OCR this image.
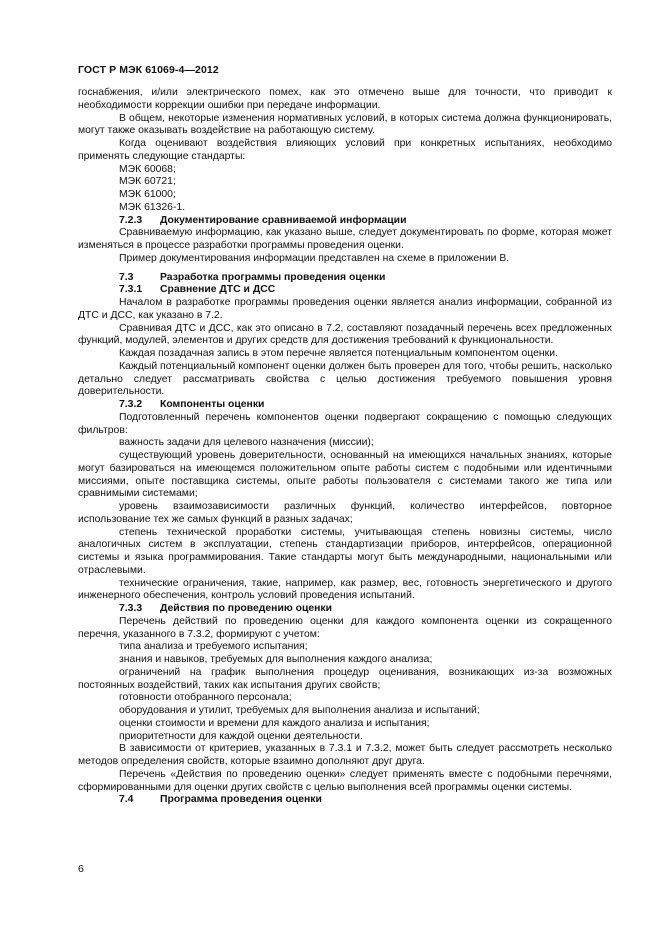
ГОСТ Р МЭК 61069-4—2012

госнабжения, и/или электрического помех, как это отмечено выше для точности, что приводит к необходимости коррекции ошибки при передаче информации.

В общем, некоторые изменения нормативных условий, в которых система должна функционировать, могут также оказывать воздействие на работающую систему.

Когда оценивают воздействия влияющих условий при конкретных испытаниях, необходимо применять следующие стандарты:

МЭК 60068;

МЭК 60721;

МЭК 61000;

МЭК 61326-1.

7.2.3 Документирование сравниваемой информации

Сравниваемую информацию, как указано выше, следует документировать по форме, которая может изменяться в процессе разработки программы проведения оценки.

Пример документирования информации представлен на схеме в приложении В.

7.3	Разработка программы проведения оценки

7.3.1 Сравнение ДТС и ДСС

Началом в разработке программы проведения оценки является анализ информации, собранной из ДТС и ДСС, как указано в 7.2.

Сравнивая ДТС и ДСС, как это описано в 7.2, составляют позадачный перечень всех предложенных функций, модулей, элементов и других средств для достижения требований к функциональности.

Каждая позадачная запись в этом перечне является потенциальным компонентом оценки.

Каждый потенциальный компонент оценки должен быть проверен для того, чтобы решить, насколько детально следует рассматривать свойства с целью достижения требуемого повышения уровня доверительности.

7.3.2 Компоненты оценки

Подготовленный перечень компонентов оценки подвергают сокращению с помощью следующих фильтров:

важность задачи для целевого назначения (миссии);

существующий уровень доверительности, основанный на имеющихся начальных знаниях, которые могут базироваться на имеющемся положительном опыте работы систем с подобными или идентичными миссиями, опыте поставщика системы, опыте работы пользователя с системами такого же типа или сравнимыми системами;

уровень взаимозависимости различных функций, количество интерфейсов, повторное использование тех же самых функций в разных задачах;

степень технической проработки системы, учитывающая степень новизны системы, число аналогичных систем в эксплуатации, степень стандартизации приборов, интерфейсов, операционной системы и языка программирования. Такие стандарты могут быть международными, национальными или отраслевыми.

технические ограничения, такие, например, как размер, вес, готовность энергетического и другого инженерного обеспечения, контроль условий проведения испытаний.

7.3.3 Действия по проведению оценки

Перечень действий по проведению оценки для каждого компонента оценки из сокращенного перечня, указанного в 7.3.2, формируют с учетом:

типа анализа и требуемого испытания;

знания и навыков, требуемых для выполнения каждого анализа;

ограничений на график выполнения процедур оценивания, возникающих из-за возможных постоянных воздействий, таких как испытания других свойств;

готовности отобранного персонала;

оборудования и утилит, требуемых для выполнения анализа и испытаний;

оценки стоимости и времени для каждого анализа и испытания;

приоритетности для каждой оценки деятельности.

В зависимости от критериев, указанных в 7.3.1 и 7.3.2, может быть следует рассмотреть несколько методов определения свойств, которые взаимно дополняют друг друга.

Перечень «Действия по проведению оценки» следует применять вместе с подобными перечнями, сформированными для оценки других свойств с целью выполнения всей программы оценки системы.

7.4	Программа проведения оценки

6
